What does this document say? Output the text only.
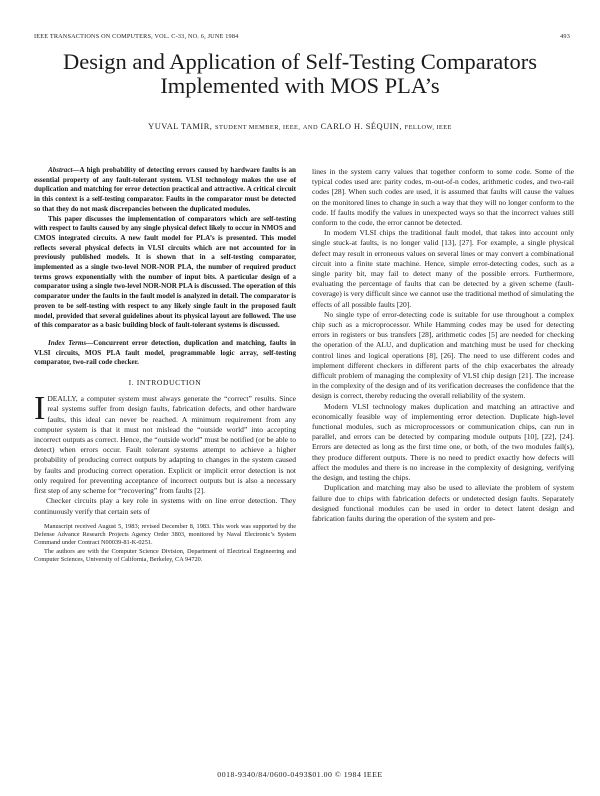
IEEE TRANSACTIONS ON COMPUTERS, VOL. C-33, NO. 6, JUNE 1984	493
Design and Application of Self-Testing Comparators
Implemented with MOS PLA’s
YUVAL TAMIR, STUDENT MEMBER, IEEE, AND CARLO H. SÉQUIN, FELLOW, IEEE

Abstract—A high probability of detecting errors caused by hardware faults is an essential property of any fault-tolerant system. VLSI technology makes the use of duplication and matching for error detection practical and attractive. A critical circuit in this context is a self-testing comparator. Faults in the comparator must be detected so that they do not mask discrepancies between the duplicated modules.

This paper discusses the implementation of comparators which are self-testing with respect to faults caused by any single physical defect likely to occur in NMOS and CMOS integrated circuits. A new fault model for PLA’s is presented. This model reflects several physical defects in VLSI circuits which are not accounted for in previously published models. It is shown that in a self-testing comparator, implemented as a single two-level NOR-NOR PLA, the number of required product terms grows exponentially with the number of input bits. A particular design of a comparator using a single two-level NOR-NOR PLA is discussed. The operation of this comparator under the faults in the fault model is analyzed in detail. The comparator is proven to be self-testing with respect to any likely single fault in the proposed fault model, provided that several guidelines about its physical layout are followed. The use of this comparator as a basic building block of fault-tolerant systems is discussed.

Index Terms—Concurrent error detection, duplication and matching, faults in VLSI circuits, MOS PLA fault model, programmable logic array, self-testing comparator, two-rail code checker.

I. INTRODUCTION

IDEALLY, a computer system must always generate the “correct” results. Since real systems suffer from design faults, fabrication defects, and other hardware faults, this ideal can never be reached. A minimum requirement from any computer system is that it must not mislead the “outside world” into accepting incorrect outputs as correct. Hence, the “outside world” must be notified (or be able to detect) when errors occur. Fault tolerant systems attempt to achieve a higher probability of producing correct outputs by adapting to changes in the system caused by faults and producing correct operation. Explicit or implicit error detection is not only required for preventing acceptance of incorrect outputs but is also a necessary first step of any scheme for “recovering” from faults [2].

Checker circuits play a key role in systems with on line error detection. They continuously verify that certain sets of

Manuscript received August 5, 1983; revised December 8, 1983. This work was supported by the Defense Advance Research Projects Agency Order 3803, monitored by Naval Electronic’s System Command under Contract N00039-81-K-0251.

The authors are with the Computer Science Division, Department of Electrical Engineering and Computer Sciences, University of California, Berkeley, CA 94720.

lines in the system carry values that together conform to some code. Some of the typical codes used are: parity codes, m-out-of-n codes, arithmetic codes, and two-rail codes [28]. When such codes are used, it is assumed that faults will cause the values on the monitored lines to change in such a way that they will no longer conform to the code. If faults modify the values in unexpected ways so that the incorrect values still conform to the code, the error cannot be detected.

In modern VLSI chips the traditional fault model, that takes into account only single stuck-at faults, is no longer valid [13], [27]. For example, a single physical defect may result in erroneous values on several lines or may convert a combinational circuit into a finite state machine. Hence, simple error-detecting codes, such as a single parity bit, may fail to detect many of the possible errors. Furthermore, evaluating the percentage of faults that can be detected by a given scheme (fault-coverage) is very difficult since we cannot use the traditional method of simulating the effects of all possible faults [20].

No single type of error-detecting code is suitable for use throughout a complex chip such as a microprocessor. While Hamming codes may be used for detecting errors in registers or bus transfers [28], arithmetic codes [5] are needed for checking the operation of the ALU, and duplication and matching must be used for checking control lines and logical operations [8], [26]. The need to use different codes and implement different checkers in different parts of the chip exacerbates the already difficult problem of managing the complexity of VLSI chip design [21]. The increase in the complexity of the design and of its verification decreases the confidence that the design is correct, thereby reducing the overall reliability of the system.

Modern VLSI technology makes duplication and matching an attractive and economically feasible way of implementing error detection. Duplicate high-level functional modules, such as microprocessors or communication chips, can run in parallel, and errors can be detected by comparing module outputs [10], [22], [24]. Errors are detected as long as the first time one, or both, of the two modules fail(s), they produce different outputs. There is no need to predict exactly how defects will affect the modules and there is no increase in the complexity of designing, verifying the design, and testing the chips.

Duplication and matching may also be used to alleviate the problem of system failure due to chips with fabrication defects or undetected design faults. Separately designed functional modules can be used in order to detect latent design and fabrication faults during the operation of the system and pre-

0018-9340/84/0600-0493$01.00 © 1984 IEEE
